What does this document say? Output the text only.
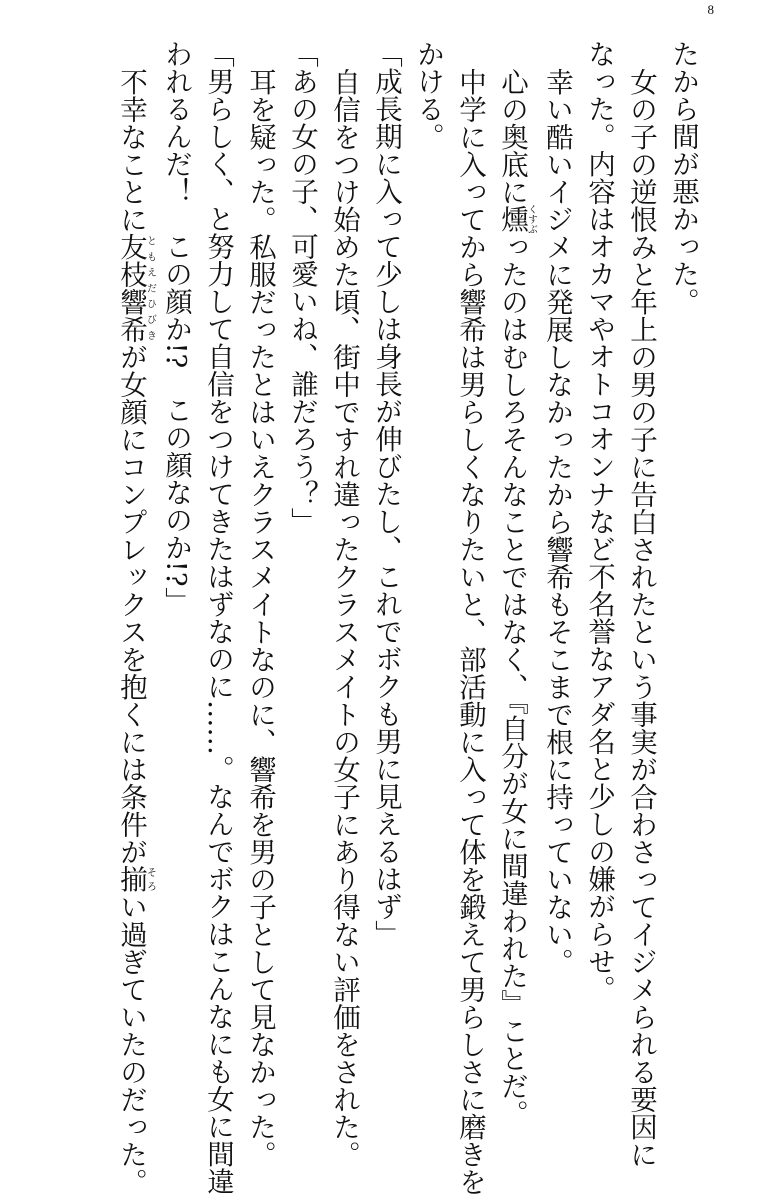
8
たから間が悪かった。
女の子の逆恨みと年上の男の子に告白されたという事実が合わさってイジメられる要因に
なった。内容はオカマやオトコオンナなど不名誉なアダ名と少しの嫌がらせ。
幸い酷いイジメに発展しなかったから響希もそこまで根に持っていない。
心の奥底に燻くすぶったのはむしろそんなことではなく、『自分が女に間違われた』ことだ。
中学に入ってから響希は男らしくなりたいと、部活動に入って体を鍛えて男らしさに磨きを
かける。
「成長期に入って少しは身長が伸びたし、これでボクも男に見えるはず」
自信をつけ始めた頃、街中ですれ違ったクラスメイトの女子にあり得ない評価をされた。
「あの女の子、可愛いね、誰だろう？」
耳を疑った。私服だったとはいえクラスメイトなのに、響希を男の子として見なかった。
「男らしく、と努力して自信をつけてきたはずなのに……。なんでボクはこんなにも女に間違
われるんだ！　この顔か!?　この顔なのか!?」
不幸なことに友枝響希ともえだひびきが女顔にコンプレックスを抱くには条件が揃そろい過ぎていたのだった。
